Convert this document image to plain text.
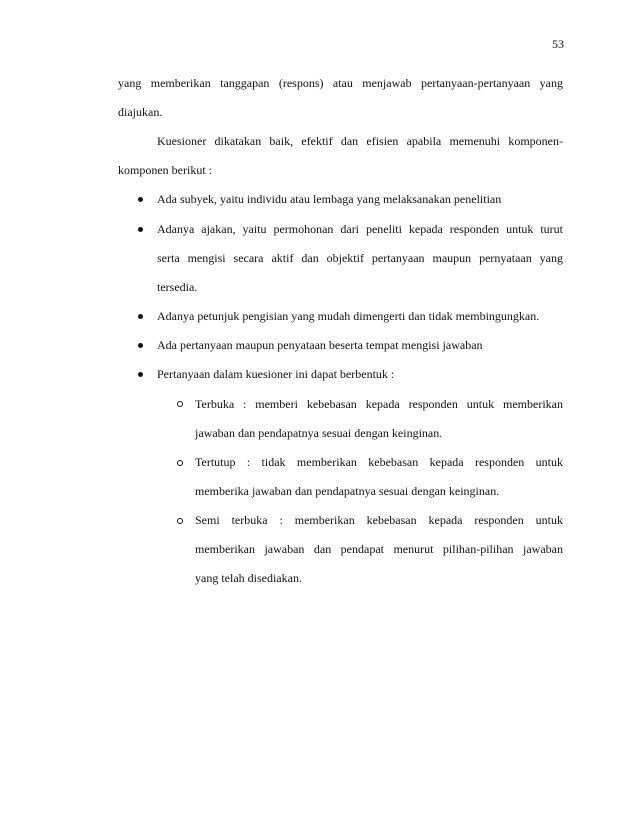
53
yang memberikan tanggapan (respons) atau menjawab pertanyaan-pertanyaan yang
diajukan.
Kuesioner dikatakan baik, efektif dan efisien apabila memenuhi komponen-
komponen berikut :
Ada subyek, yaitu individu atau lembaga yang melaksanakan penelitian
Adanya ajakan, yaitu permohonan dari peneliti kepada responden untuk turut
serta mengisi secara aktif dan objektif pertanyaan maupun pernyataan yang
tersedia.
Adanya petunjuk pengisian yang mudah dimengerti dan tidak membingungkan.
Ada pertanyaan maupun penyataan beserta tempat mengisi jawaban
Pertanyaan dalam kuesioner ini dapat berbentuk :
Terbuka : memberi kebebasan kepada responden untuk memberikan
jawaban dan pendapatnya sesuai dengan keinginan.
Tertutup : tidak memberikan kebebasan kepada responden untuk
memberika jawaban dan pendapatnya sesuai dengan keinginan.
Semi terbuka : memberikan kebebasan kepada responden untuk
memberikan jawaban dan pendapat menurut pilihan-pilihan jawaban
yang telah disediakan.
